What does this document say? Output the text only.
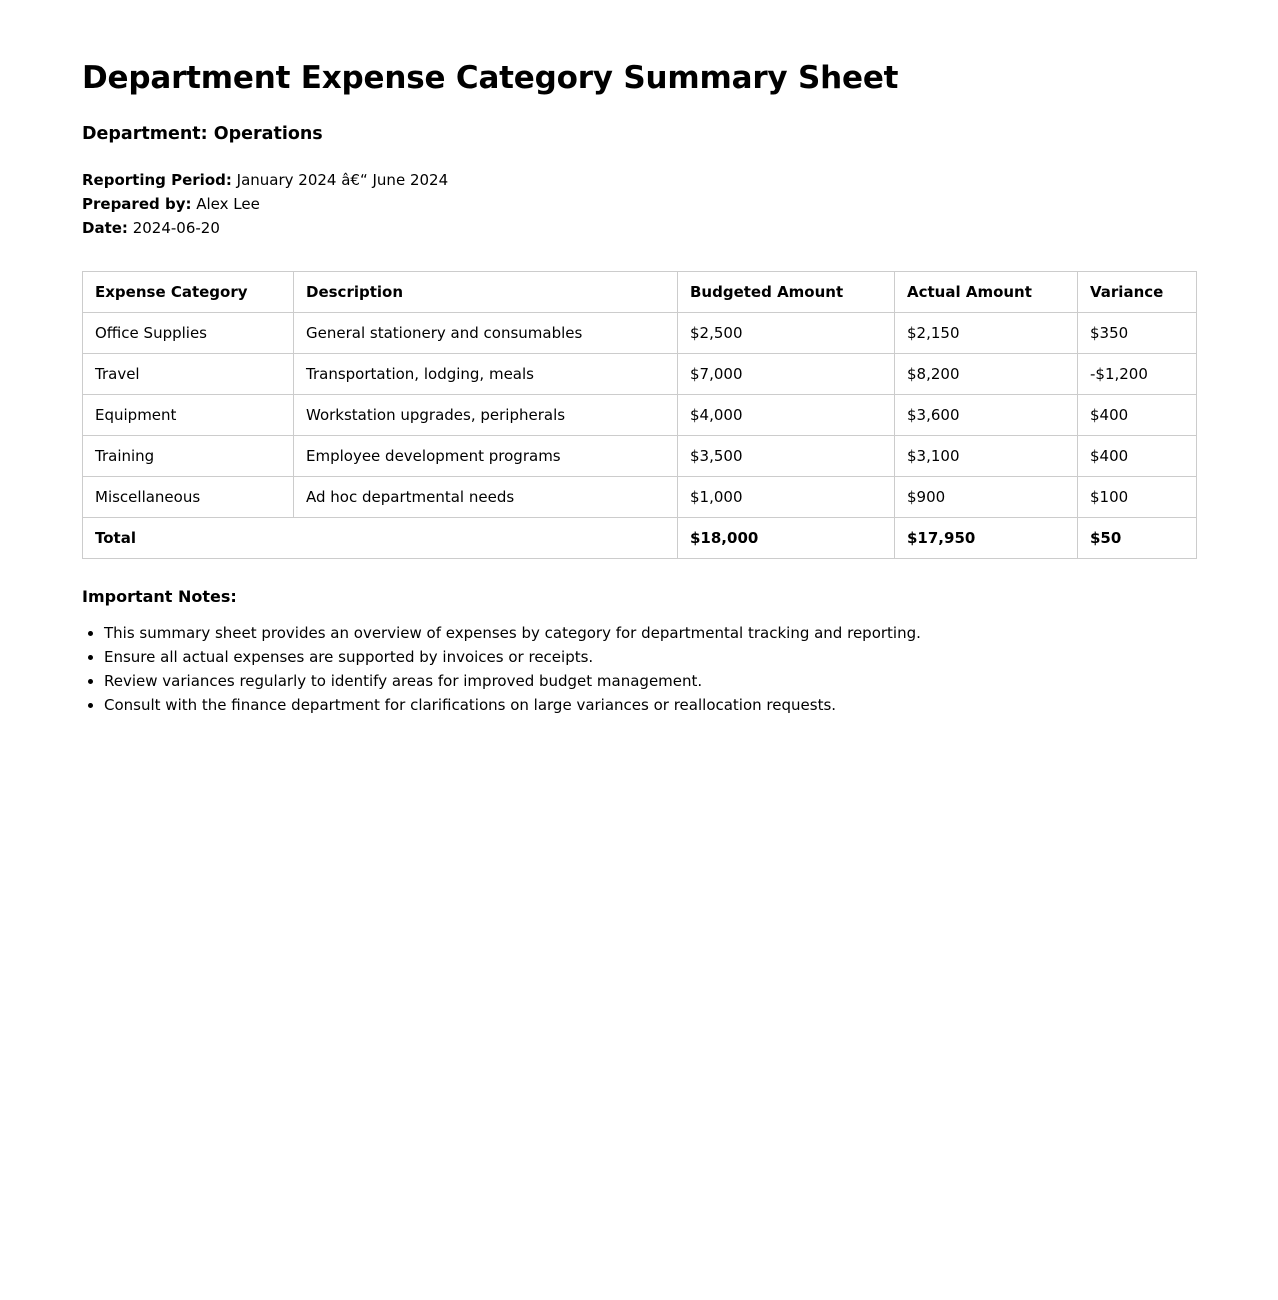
Department Expense Category Summary Sheet
Department: Operations
Reporting Period: January 2024 â€“ June 2024
Prepared by: Alex Lee
Date: 2024-06-20
Expense Category	Description	Budgeted Amount	Actual Amount	Variance
Office Supplies	General stationery and consumables	$2,500	$2,150	$350
Travel	Transportation, lodging, meals	$7,000	$8,200	-$1,200
Equipment	Workstation upgrades, peripherals	$4,000	$3,600	$400
Training	Employee development programs	$3,500	$3,100	$400
Miscellaneous	Ad hoc departmental needs	$1,000	$900	$100
Total		$18,000	$17,950	$50
Important Notes:
• This summary sheet provides an overview of expenses by category for departmental tracking and reporting.
• Ensure all actual expenses are supported by invoices or receipts.
• Review variances regularly to identify areas for improved budget management.
• Consult with the finance department for clarifications on large variances or reallocation requests.
